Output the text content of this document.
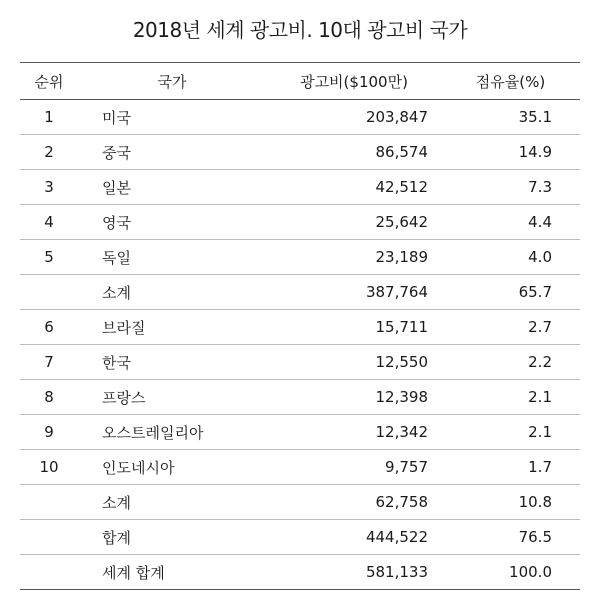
2018년 세계 광고비. 10대 광고비 국가
순위	국가	광고비($100만)	점유율(%)
1	미국	203,847	35.1
2	중국	86,574	14.9
3	일본	42,512	7.3
4	영국	25,642	4.4
5	독일	23,189	4.0
	소계	387,764	65.7
6	브라질	15,711	2.7
7	한국	12,550	2.2
8	프랑스	12,398	2.1
9	오스트레일리아	12,342	2.1
10	인도네시아	9,757	1.7
	소계	62,758	10.8
	합계	444,522	76.5
	세계 합계	581,133	100.0
